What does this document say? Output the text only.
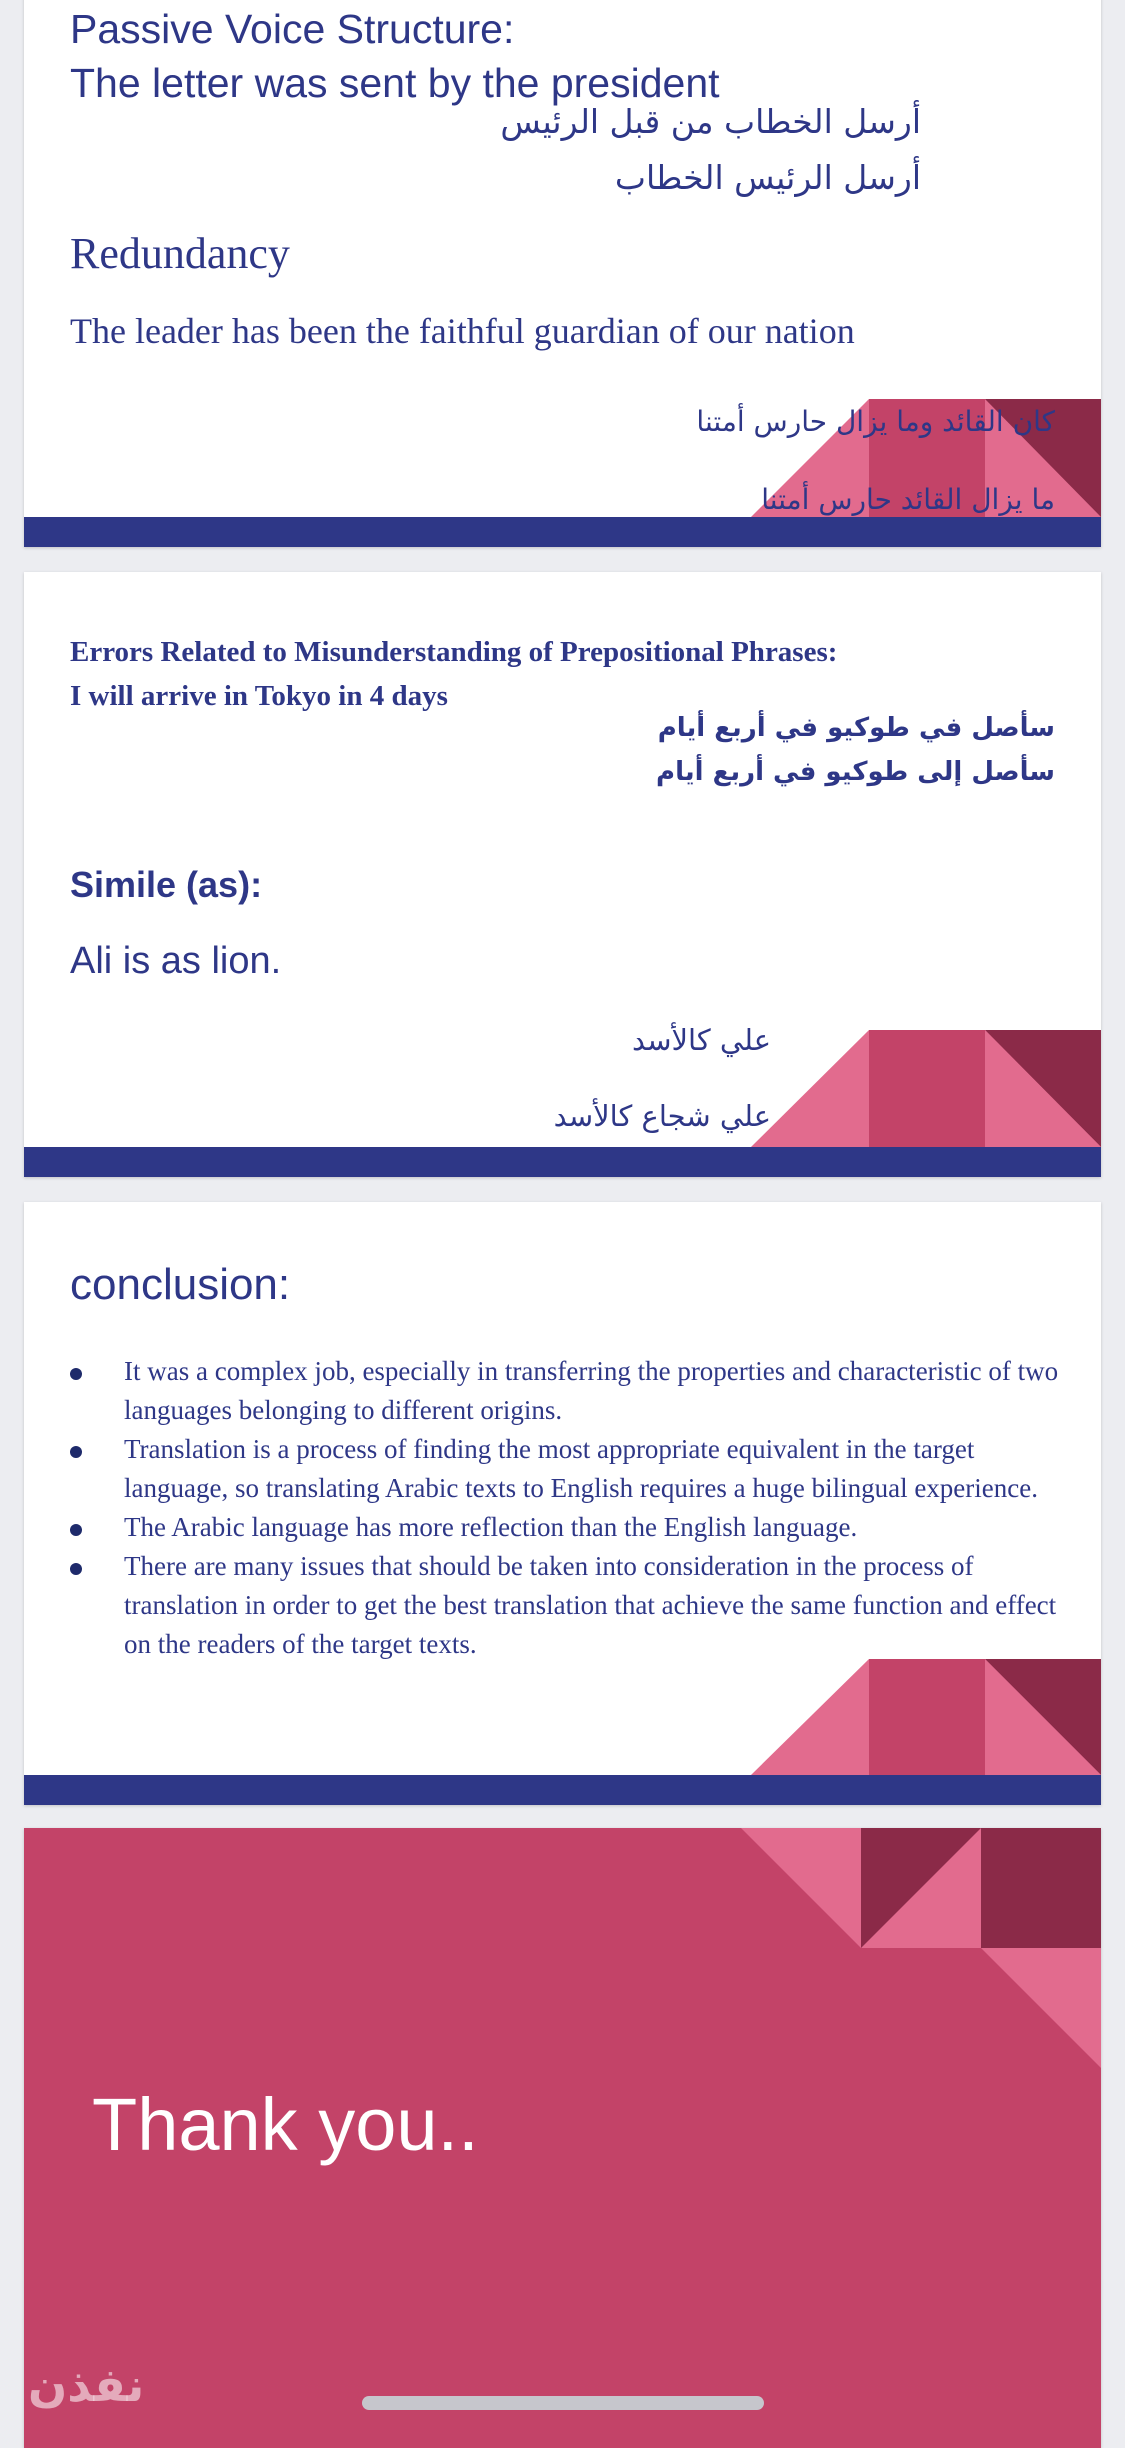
Passive Voice Structure:
The letter was sent by the president

أرسل الخطاب من قبل الرئيس
أرسل الرئيس الخطاب

Redundancy

The leader has been the faithful guardian of our nation

كان القائد وما يزال حارس أمتنا
ما يزال القائد حارس أمتنا

Errors Related to Misunderstanding of Prepositional Phrases:
I will arrive in Tokyo in 4 days

سأصل في طوكيو في أربع أيام
سأصل إلى طوكيو في أربع أيام

Simile (as):

Ali is as lion.

علي كالأسد
علي شجاع كالأسد

conclusion:

It was a complex job, especially in transferring the properties and characteristic of two languages belonging to different origins.
Translation is a process of finding the most appropriate equivalent in the target language, so translating Arabic texts to English requires a huge bilingual experience.
The Arabic language has more reflection than the English language.
There are many issues that should be taken into consideration in the process of translation in order to get the best translation that achieve the same function and effect on the readers of the target texts.

Thank you..

نفذن
